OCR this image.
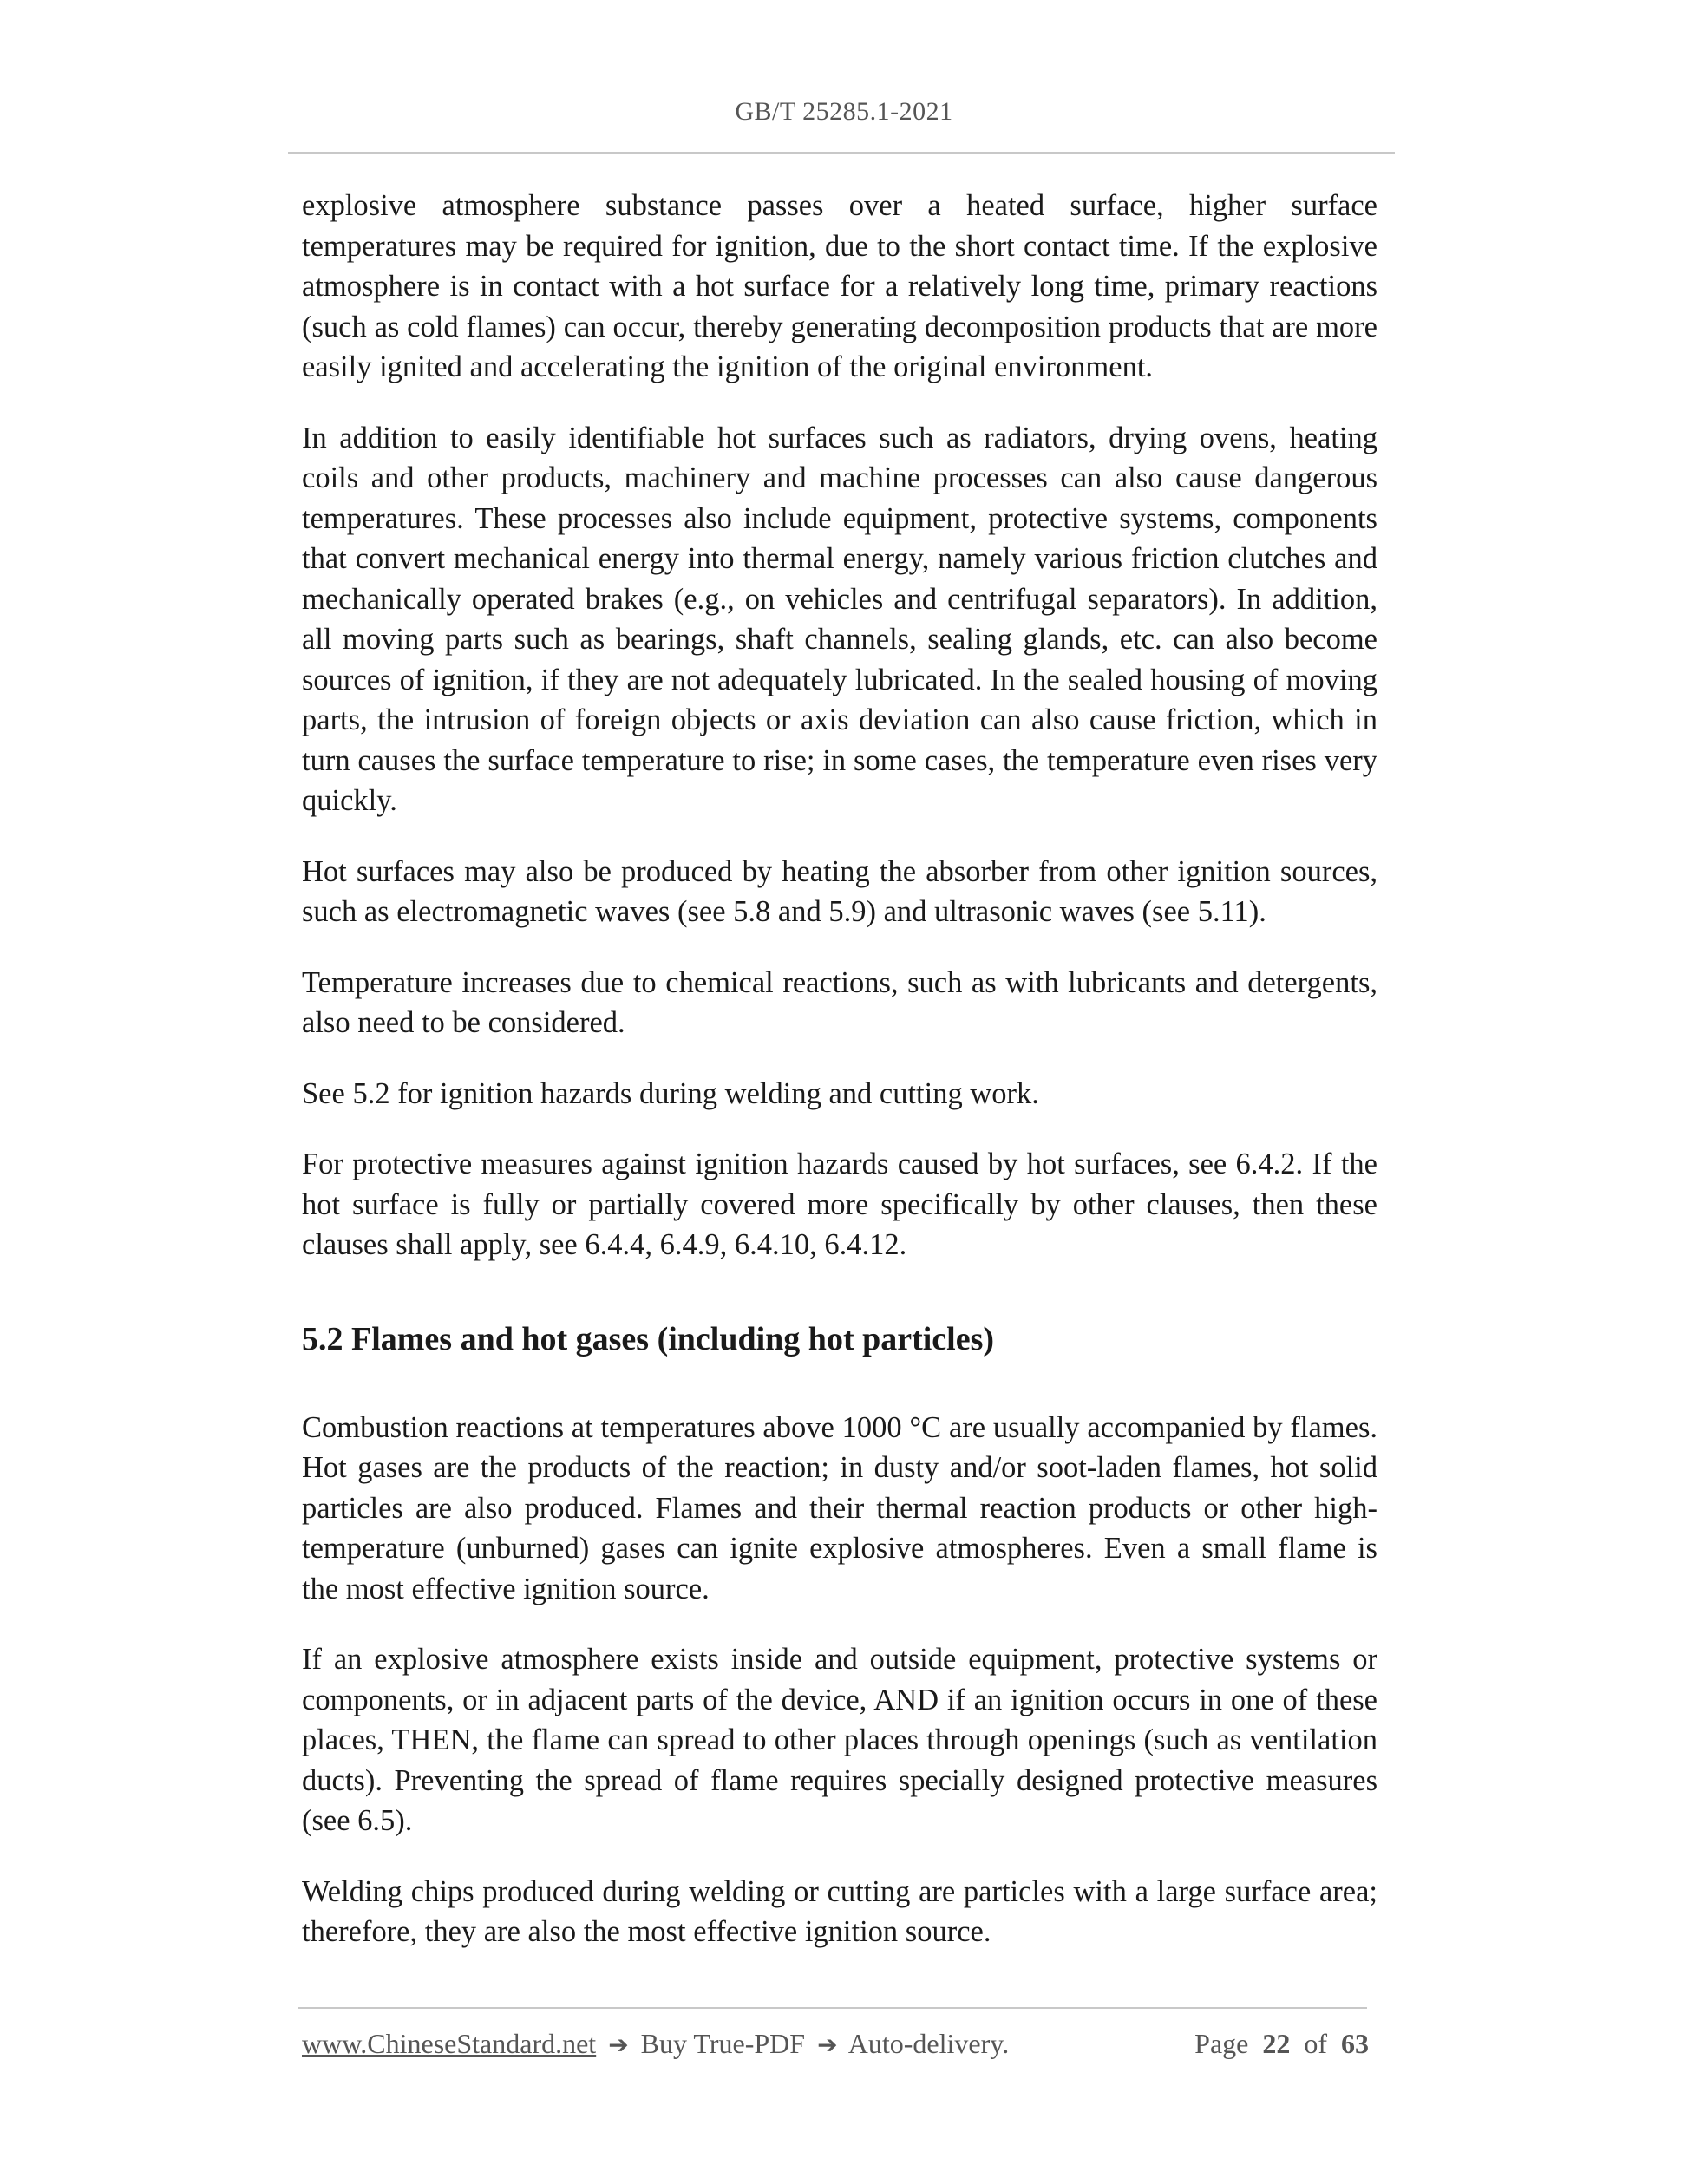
GB/T 25285.1-2021

explosive atmosphere substance passes over a heated surface, higher surface temperatures may be required for ignition, due to the short contact time. If the explosive atmosphere is in contact with a hot surface for a relatively long time, primary reactions (such as cold flames) can occur, thereby generating decomposition products that are more easily ignited and accelerating the ignition of the original environment.

In addition to easily identifiable hot surfaces such as radiators, drying ovens, heating coils and other products, machinery and machine processes can also cause dangerous temperatures. These processes also include equipment, protective systems, components that convert mechanical energy into thermal energy, namely various friction clutches and mechanically operated brakes (e.g., on vehicles and centrifugal separators). In addition, all moving parts such as bearings, shaft channels, sealing glands, etc. can also become sources of ignition, if they are not adequately lubricated. In the sealed housing of moving parts, the intrusion of foreign objects or axis deviation can also cause friction, which in turn causes the surface temperature to rise; in some cases, the temperature even rises very quickly.

Hot surfaces may also be produced by heating the absorber from other ignition sources, such as electromagnetic waves (see 5.8 and 5.9) and ultrasonic waves (see 5.11).

Temperature increases due to chemical reactions, such as with lubricants and detergents, also need to be considered.

See 5.2 for ignition hazards during welding and cutting work.

For protective measures against ignition hazards caused by hot surfaces, see 6.4.2. If the hot surface is fully or partially covered more specifically by other clauses, then these clauses shall apply, see 6.4.4, 6.4.9, 6.4.10, 6.4.12.

5.2 Flames and hot gases (including hot particles)

Combustion reactions at temperatures above 1000 °C are usually accompanied by flames. Hot gases are the products of the reaction; in dusty and/or soot-laden flames, hot solid particles are also produced. Flames and their thermal reaction products or other high-temperature (unburned) gases can ignite explosive atmospheres. Even a small flame is the most effective ignition source.

If an explosive atmosphere exists inside and outside equipment, protective systems or components, or in adjacent parts of the device, AND if an ignition occurs in one of these places, THEN, the flame can spread to other places through openings (such as ventilation ducts). Preventing the spread of flame requires specially designed protective measures (see 6.5).

Welding chips produced during welding or cutting are particles with a large surface area; therefore, they are also the most effective ignition source.

www.ChineseStandard.net ➔ Buy True-PDF ➔ Auto-delivery.	Page 22 of 63
